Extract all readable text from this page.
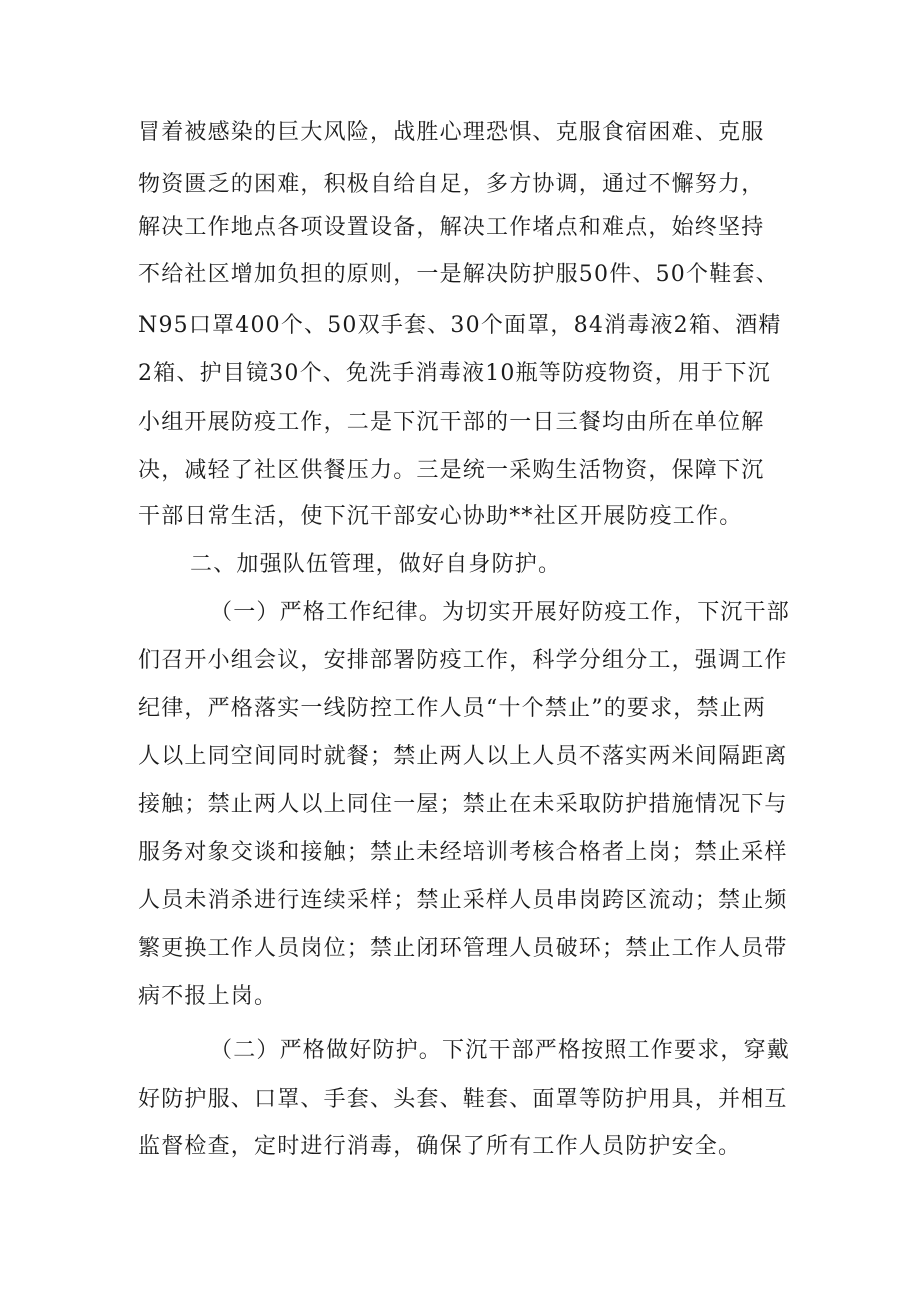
冒着被感染的巨大风险，战胜心理恐惧、克服食宿困难、克服
物资匮乏的困难，积极自给自足，多方协调，通过不懈努力，
解决工作地点各项设置设备，解决工作堵点和难点，始终坚持
不给社区增加负担的原则，一是解决防护服50件、50个鞋套、
N95口罩400个、50双手套、30个面罩，84消毒液2箱、酒精
2箱、护目镜30个、免洗手消毒液10瓶等防疫物资，用于下沉
小组开展防疫工作，二是下沉干部的一日三餐均由所在单位解
决，减轻了社区供餐压力。三是统一采购生活物资，保障下沉
干部日常生活，使下沉干部安心协助**社区开展防疫工作。
二、加强队伍管理，做好自身防护。
（一）严格工作纪律。为切实开展好防疫工作，下沉干部
们召开小组会议，安排部署防疫工作，科学分组分工，强调工作
纪律，严格落实一线防控工作人员“十个禁止”的要求，禁止两
人以上同空间同时就餐；禁止两人以上人员不落实两米间隔距离
接触；禁止两人以上同住一屋；禁止在未采取防护措施情况下与
服务对象交谈和接触；禁止未经培训考核合格者上岗；禁止采样
人员未消杀进行连续采样；禁止采样人员串岗跨区流动；禁止频
繁更换工作人员岗位；禁止闭环管理人员破环；禁止工作人员带
病不报上岗。
（二）严格做好防护。下沉干部严格按照工作要求，穿戴
好防护服、口罩、手套、头套、鞋套、面罩等防护用具，并相互
监督检查，定时进行消毒，确保了所有工作人员防护安全。
